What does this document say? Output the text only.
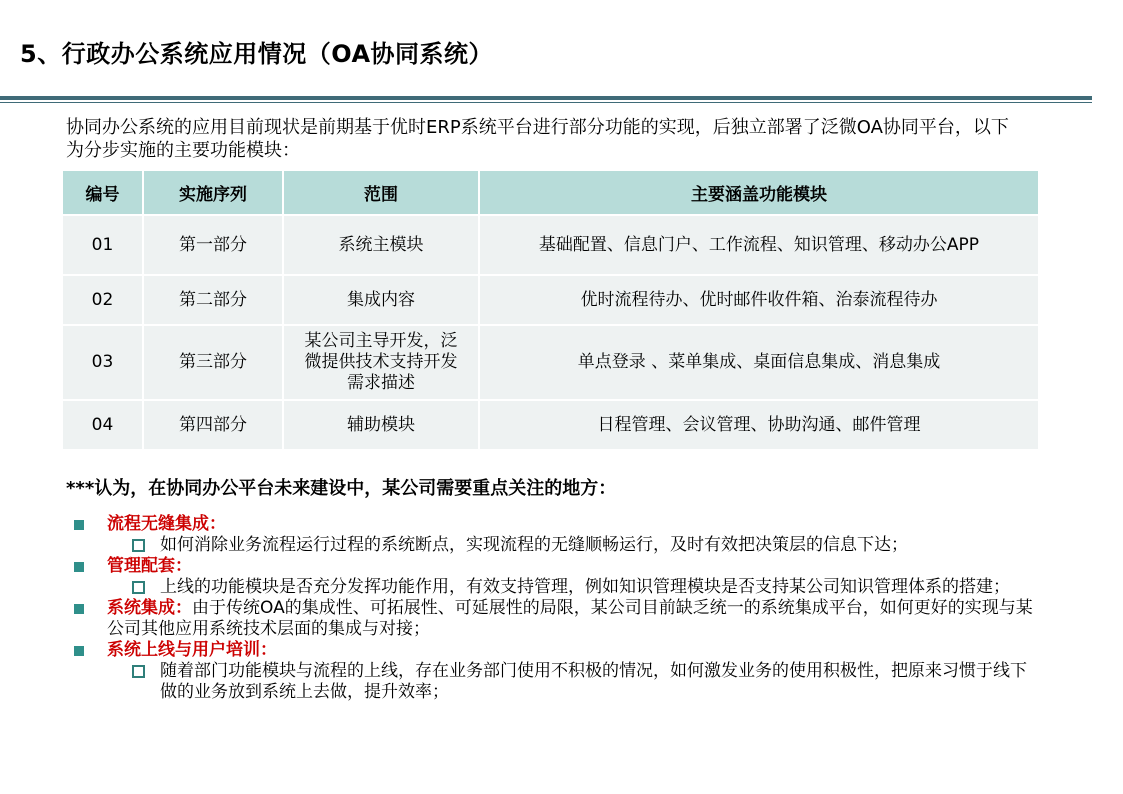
5、行政办公系统应用情况（OA协同系统）
协同办公系统的应用目前现状是前期基于优时ERP系统平台进行部分功能的实现，后独立部署了泛微OA协同平台，以下为分步实施的主要功能模块：
编号	实施序列	范围	主要涵盖功能模块
01	第一部分	系统主模块	基础配置、信息门户、工作流程、知识管理、移动办公APP
02	第二部分	集成内容	优时流程待办、优时邮件收件箱、治泰流程待办
03	第三部分	某公司主导开发，泛微提供技术支持开发需求描述	单点登录 、菜单集成、桌面信息集成、消息集成
04	第四部分	辅助模块	日程管理、会议管理、协助沟通、邮件管理
***认为，在协同办公平台未来建设中，某公司需要重点关注的地方：
流程无缝集成：
如何消除业务流程运行过程的系统断点，实现流程的无缝顺畅运行，及时有效把决策层的信息下达；
管理配套：
上线的功能模块是否充分发挥功能作用，有效支持管理，例如知识管理模块是否支持某公司知识管理体系的搭建；
系统集成：由于传统OA的集成性、可拓展性、可延展性的局限，某公司目前缺乏统一的系统集成平台，如何更好的实现与某公司其他应用系统技术层面的集成与对接；
系统上线与用户培训：
随着部门功能模块与流程的上线，存在业务部门使用不积极的情况，如何激发业务的使用积极性，把原来习惯于线下做的业务放到系统上去做，提升效率；
